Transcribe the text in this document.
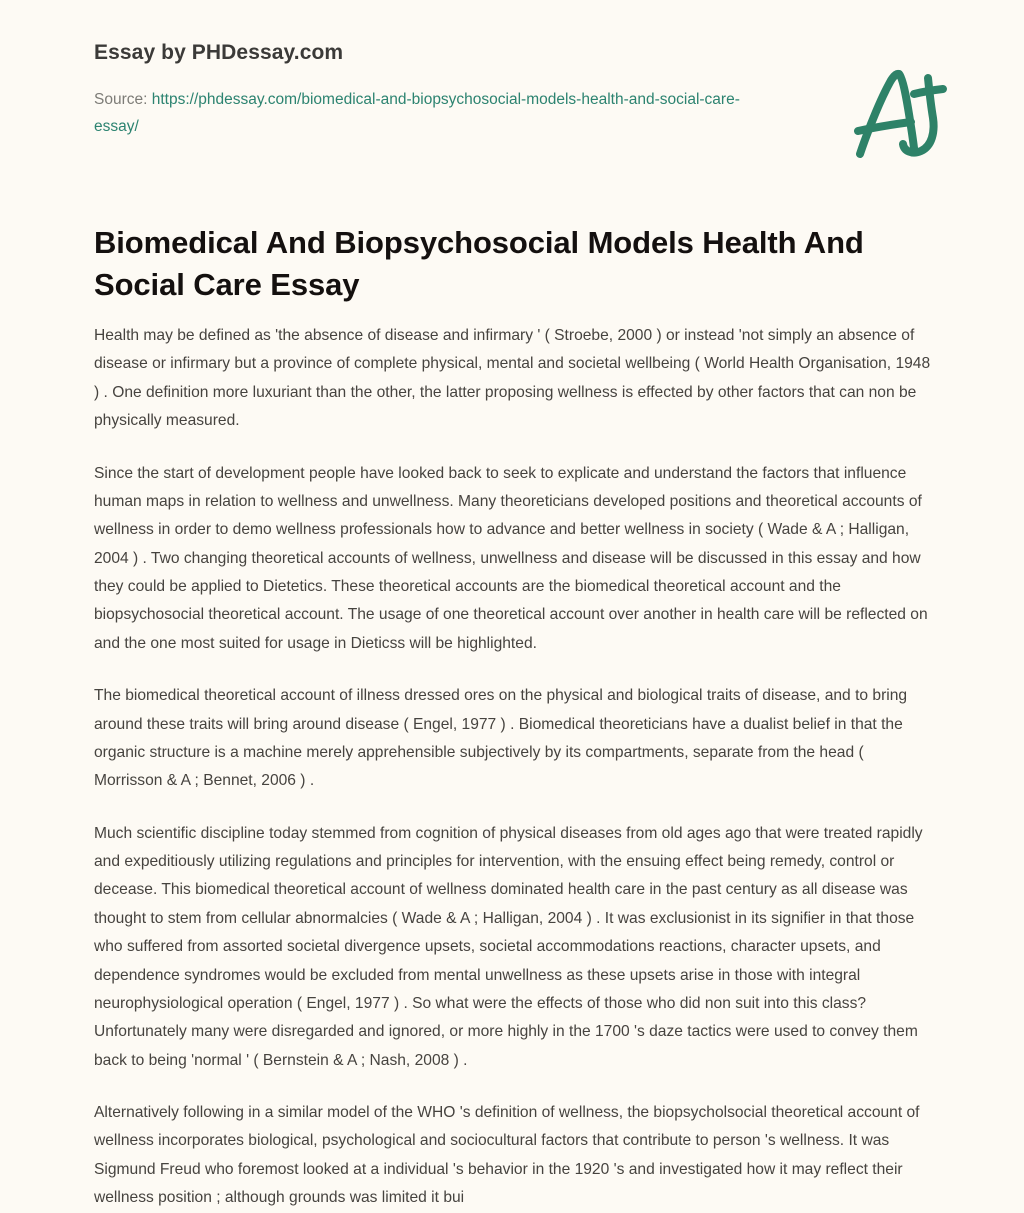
Essay by PHDessay.com
Source: https://phdessay.com/biomedical-and-biopsychosocial-models-health-and-social-care-essay/
Biomedical And Biopsychosocial Models Health And Social Care Essay

Health may be defined as 'the absence of disease and infirmary ' ( Stroebe, 2000 ) or instead 'not simply an absence of disease or infirmary but a province of complete physical, mental and societal wellbeing ( World Health Organisation, 1948 ) . One definition more luxuriant than the other, the latter proposing wellness is effected by other factors that can non be physically measured.

Since the start of development people have looked back to seek to explicate and understand the factors that influence human maps in relation to wellness and unwellness. Many theoreticians developed positions and theoretical accounts of wellness in order to demo wellness professionals how to advance and better wellness in society ( Wade & A ; Halligan, 2004 ) . Two changing theoretical accounts of wellness, unwellness and disease will be discussed in this essay and how they could be applied to Dietetics. These theoretical accounts are the biomedical theoretical account and the biopsychosocial theoretical account. The usage of one theoretical account over another in health care will be reflected on and the one most suited for usage in Dieticss will be highlighted.

The biomedical theoretical account of illness dressed ores on the physical and biological traits of disease, and to bring around these traits will bring around disease ( Engel, 1977 ) . Biomedical theoreticians have a dualist belief in that the organic structure is a machine merely apprehensible subjectively by its compartments, separate from the head ( Morrisson & A ; Bennet, 2006 ) .

Much scientific discipline today stemmed from cognition of physical diseases from old ages ago that were treated rapidly and expeditiously utilizing regulations and principles for intervention, with the ensuing effect being remedy, control or decease. This biomedical theoretical account of wellness dominated health care in the past century as all disease was thought to stem from cellular abnormalcies ( Wade & A ; Halligan, 2004 ) . It was exclusionist in its signifier in that those who suffered from assorted societal divergence upsets, societal accommodations reactions, character upsets, and dependence syndromes would be excluded from mental unwellness as these upsets arise in those with integral neurophysiological operation ( Engel, 1977 ) . So what were the effects of those who did non suit into this class? Unfortunately many were disregarded and ignored, or more highly in the 1700 's daze tactics were used to convey them back to being 'normal ' ( Bernstein & A ; Nash, 2008 ) .

Alternatively following in a similar model of the WHO 's definition of wellness, the biopsycholsocial theoretical account of wellness incorporates biological, psychological and sociocultural factors that contribute to person 's wellness. It was Sigmund Freud who foremost looked at a individual 's behavior in the 1920 's and investigated how it may reflect their wellness position ; although grounds was limited it bui
